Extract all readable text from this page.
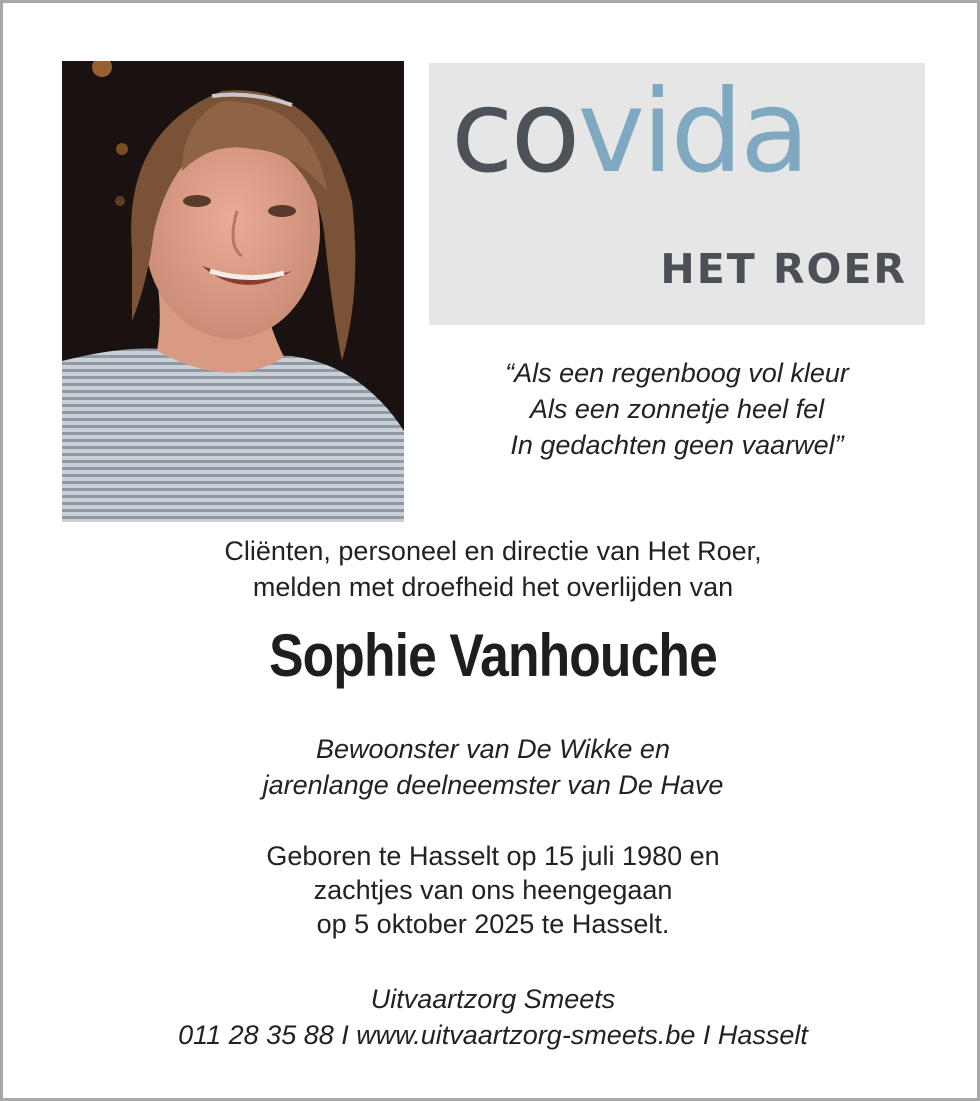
covida
HET ROER
“Als een regenboog vol kleur
Als een zonnetje heel fel
In gedachten geen vaarwel”
Cliënten, personeel en directie van Het Roer,
melden met droefheid het overlijden van
Sophie Vanhouche
Bewoonster van De Wikke en
jarenlange deelneemster van De Have
Geboren te Hasselt op 15 juli 1980 en
zachtjes van ons heengegaan
op 5 oktober 2025 te Hasselt.
Uitvaartzorg Smeets
011 28 35 88 I www.uitvaartzorg-smeets.be I Hasselt
